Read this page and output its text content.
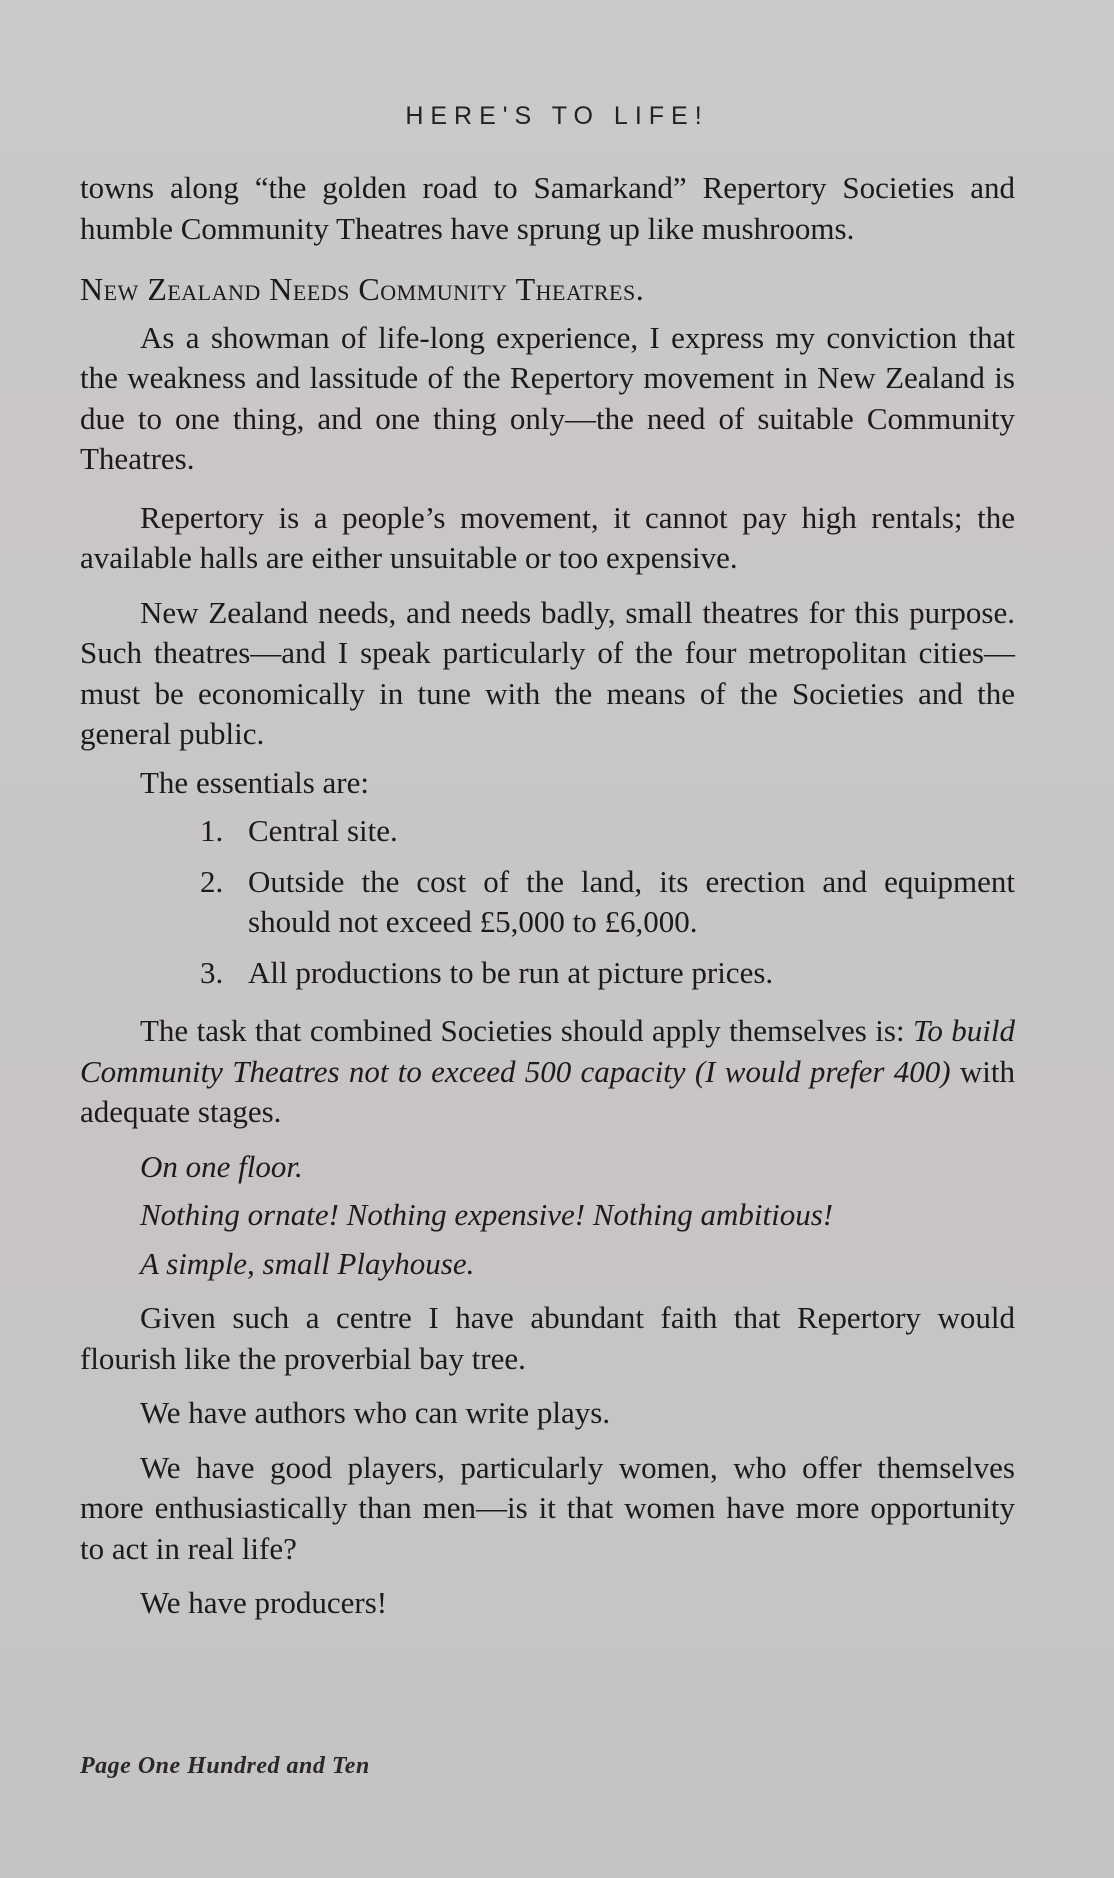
HERE'S TO LIFE!

towns along “the golden road to Samarkand” Repertory Societies and humble Community Theatres have sprung up like mushrooms.

New Zealand Needs Community Theatres.

As a showman of life-long experience, I express my conviction that the weakness and lassitude of the Repertory movement in New Zealand is due to one thing, and one thing only—the need of suitable Community Theatres.

Repertory is a people’s movement, it cannot pay high rentals; the available halls are either unsuitable or too expensive.

New Zealand needs, and needs badly, small theatres for this purpose. Such theatres—and I speak particularly of the four metropolitan cities—must be economically in tune with the means of the Societies and the general public.

The essentials are:

1. Central site.
2. Outside the cost of the land, its erection and equipment should not exceed £5,000 to £6,000.
3. All productions to be run at picture prices.

The task that combined Societies should apply themselves is: To build Community Theatres not to exceed 500 capacity (I would prefer 400) with adequate stages.

On one floor.

Nothing ornate! Nothing expensive! Nothing ambitious!

A simple, small Playhouse.

Given such a centre I have abundant faith that Repertory would flourish like the proverbial bay tree.

We have authors who can write plays.

We have good players, particularly women, who offer themselves more enthusiastically than men—is it that women have more opportunity to act in real life?

We have producers!

Page One Hundred and Ten
